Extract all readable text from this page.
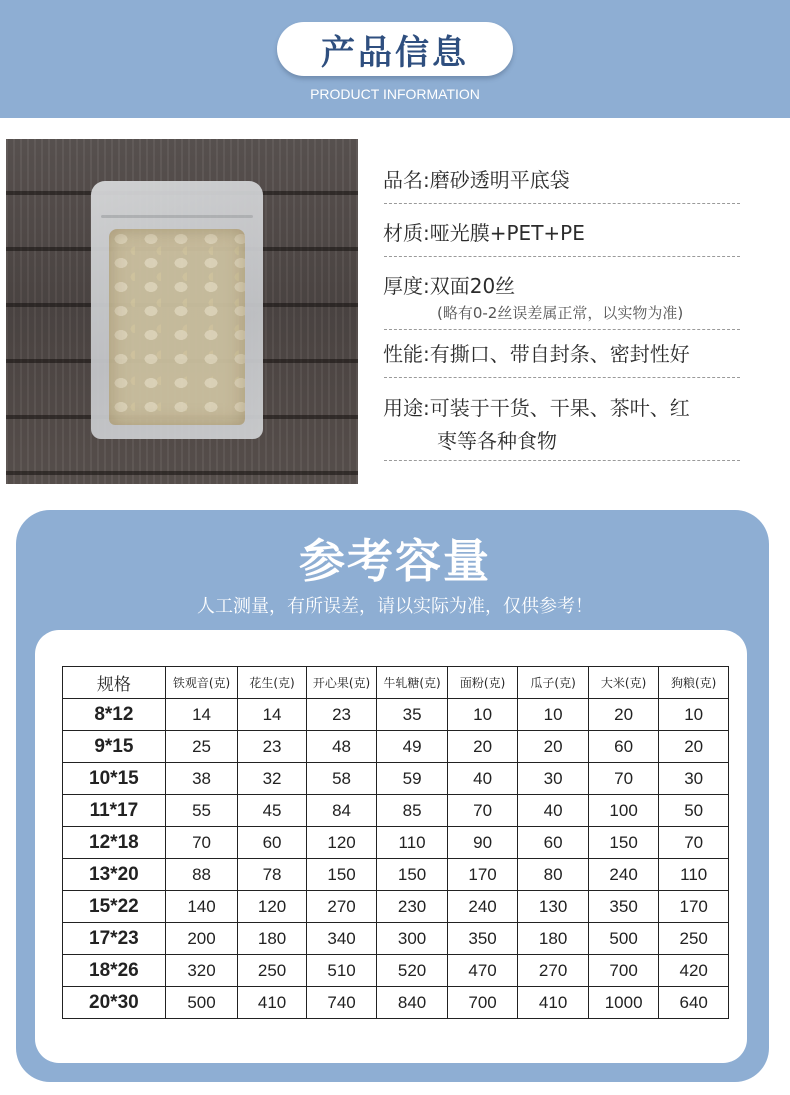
产品信息
PRODUCT INFORMATION
品名:磨砂透明平底袋
材质:哑光膜+PET+PE
厚度:双面20丝
(略有0-2丝误差属正常，以实物为准)
性能:有撕口、带自封条、密封性好
用途:可装于干货、干果、茶叶、红
枣等各种食物
参考容量
人工测量，有所误差，请以实际为准，仅供参考！
规格	铁观音(克)	花生(克)	开心果(克)	牛轧糖(克)	面粉(克)	瓜子(克)	大米(克)	狗粮(克)
8*12	14	14	23	35	10	10	20	10
9*15	25	23	48	49	20	20	60	20
10*15	38	32	58	59	40	30	70	30
11*17	55	45	84	85	70	40	100	50
12*18	70	60	120	110	90	60	150	70
13*20	88	78	150	150	170	80	240	110
15*22	140	120	270	230	240	130	350	170
17*23	200	180	340	300	350	180	500	250
18*26	320	250	510	520	470	270	700	420
20*30	500	410	740	840	700	410	1000	640
